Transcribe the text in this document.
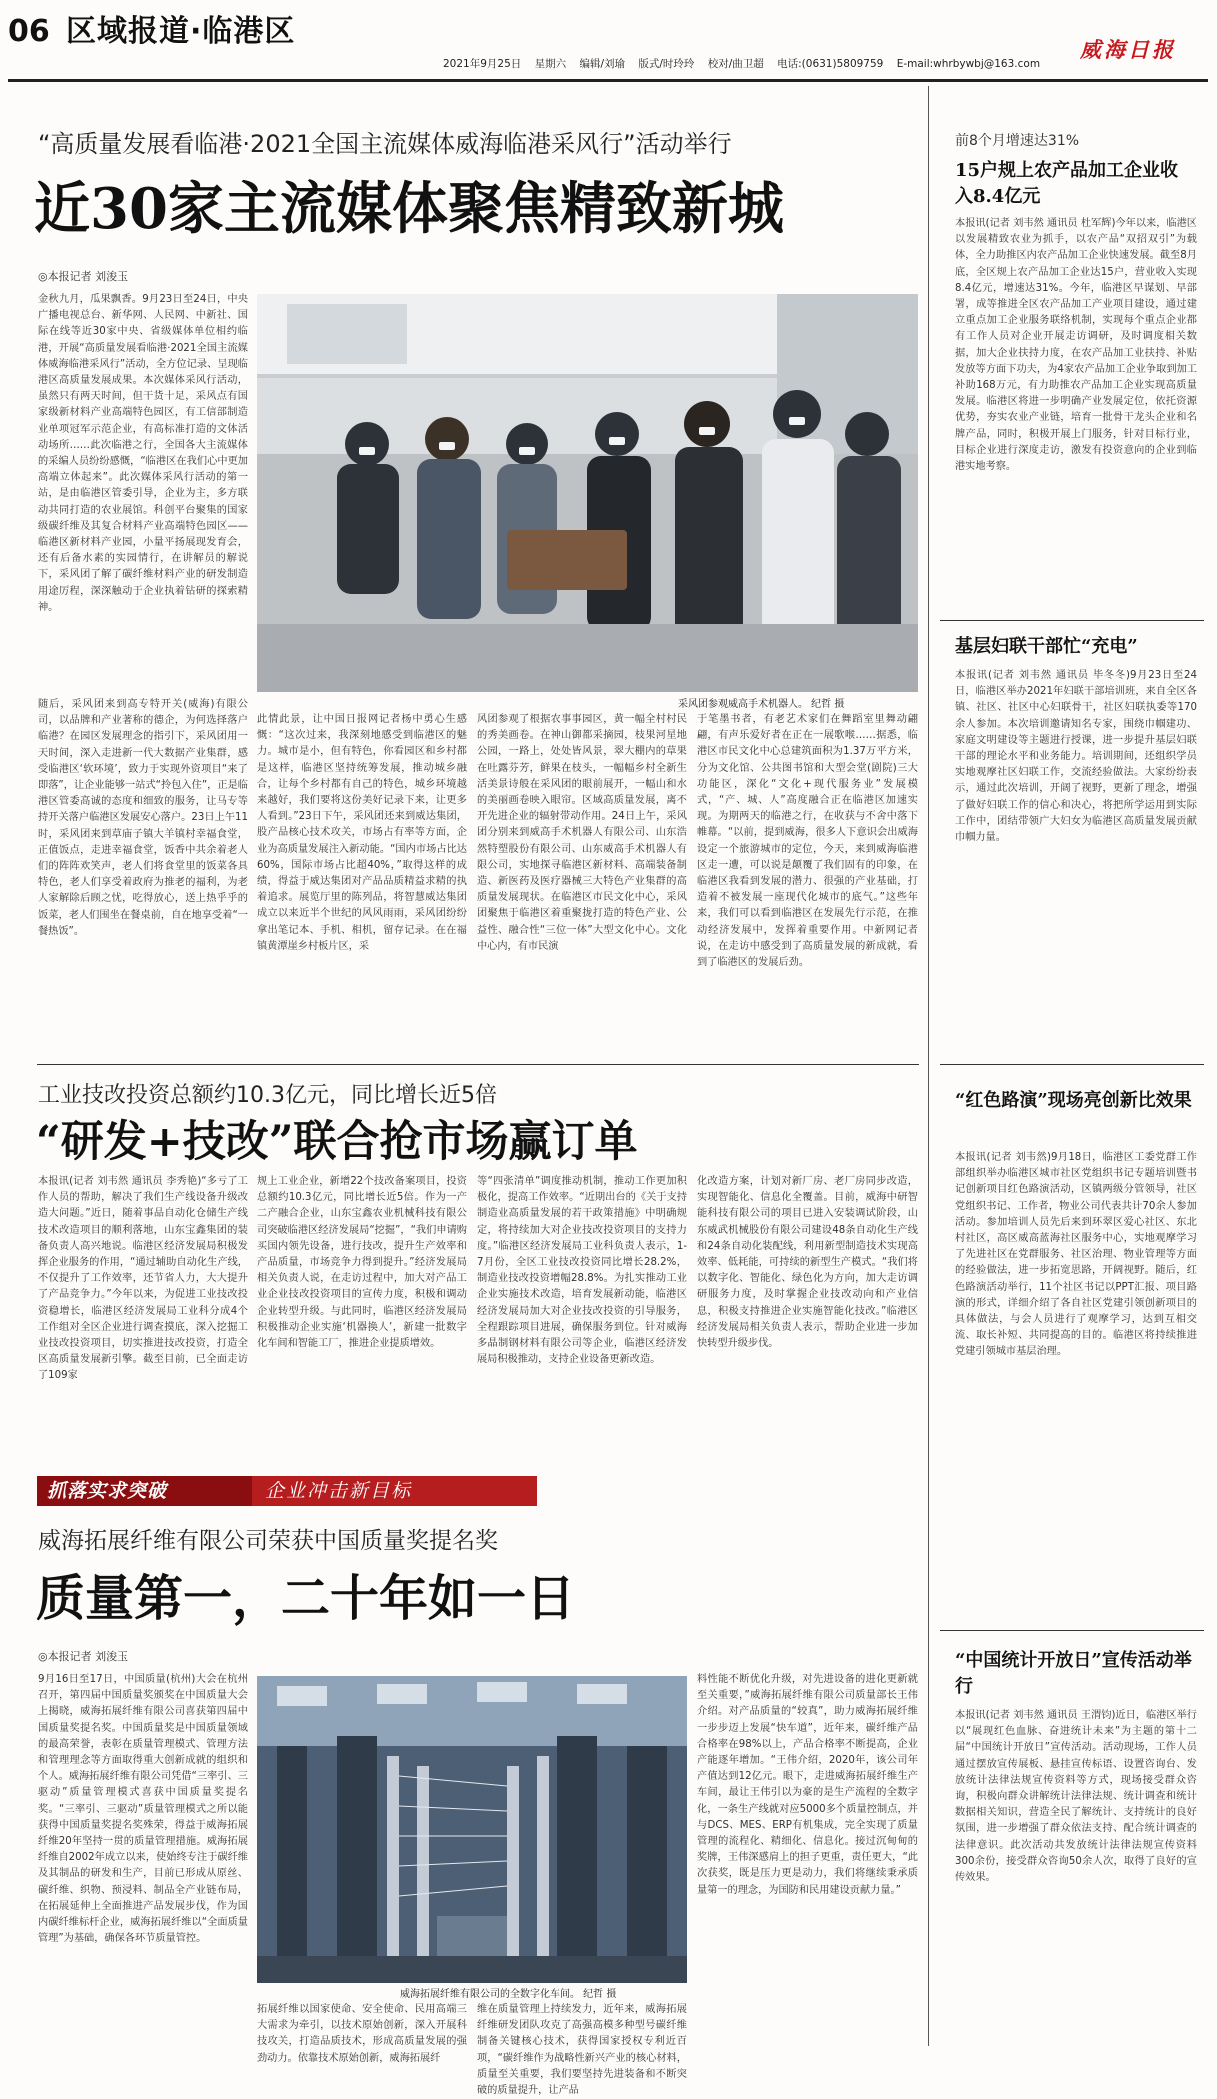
06 区域报道·临港区
2021年9月25日 星期六 编辑/刘瑜 版式/时玲玲 校对/曲卫超 电话:(0631)5809759 E-mail:whrbywbj@163.com
威海日报
“高质量发展看临港·2021全国主流媒体威海临港采风行”活动举行
近30家主流媒体聚焦精致新城
◎本报记者 刘浚玉
金秋九月，瓜果飘香。9月23日至24日，中央广播电视总台、新华网、人民网、中新社、国际在线等近30家中央、省级媒体单位相约临港，开展“高质量发展看临港·2021全国主流媒体威海临港采风行”活动，全方位记录、呈现临港区高质量发展成果。本次媒体采风行活动，虽然只有两天时间，但干货十足，采风点有国家级新材料产业高端特色园区，有工信部制造业单项冠军示范企业，有高标准打造的文体活动场所……此次临港之行，全国各大主流媒体的采编人员纷纷感慨，“临港区在我们心中更加高端立体起来”。此次媒体采风行活动的第一站，是由临港区管委引导，企业为主，多方联动共同打造的农业展馆。科创平台聚集的国家级碳纤维及其复合材料产业高端特色园区——临港区新材料产业园，小量平扬展现发育会，还有后备水素的实园情行，在讲解员的解说下，采风团了解了碳纤维材料产业的研发制造用途厉程，深深触动于企业执着钻研的探索精神。
采风团参观威高手术机器人。 纪哲 摄
随后，采风团来到高专特开关(威海)有限公司，以品牌和产业著称的德企，为何选择落户临港？在园区发展理念的指引下，采风团用一天时间，深入走进新一代大数据产业集群，感受临港区‘软环境’，致力于实现外资项目“来了即落”，让企业能够一站式“拎包入住”，正是临港区管委高诚的态度和细致的服务，让马专等持开关落户临港区发展安心落户。23日上午11时，采风团来到草庙子镇大羊镇村幸福食堂，正值饭点，走进幸福食堂，饭香中共余着老人们的阵阵欢笑声，老人们将食堂里的饭菜各具特色，老人们享受着政府为推老的福利，为老人家解除后顾之忧，吃得放心，送上热乎乎的饭菜，老人们围坐在餐桌前，自在地享受着“一餐热饭”。
此情此景，让中国日报网记者杨中勇心生感慨：“这次过来，我深刻地感受到临港区的魅力。城市是小，但有特色，你看园区和乡村都是这样，临港区坚持统筹发展，推动城乡融合，让每个乡村都有自己的特色，城乡环境越来越好，我们要将这份美好记录下来，让更多人看到。”23日下午，采风团还来到威达集团，股产品核心技术攻关，市场占有率等方面，企业为高质量发展注入新动能。“国内市场占比达60%，国际市场占比超40%，”取得这样的成绩，得益于威达集团对产品品质精益求精的执着追求。展览厅里的陈列品，将智慧威达集团成立以来近半个世纪的风风雨雨，采风团纷纷拿出笔记本、手机、相机，留存记录。在在福镇黄潭崖乡村板片区，采
风团参观了根据农事事园区，黄一幅全村村民的秀美画卷。在神山御都采摘园，枝果河星地公园，一路上，处处皆风景，翠大棚内的草果在吐露芬芳，鲜果在枝头，一幅幅乡村全新生活美景诗般在采风团的眼前展开，一幅山和水的美丽画卷映入眼帘。区域高质量发展，离不开先进企业的辐射带动作用。24日上午，采风团分别来到威高手术机器人有限公司、山东浩然特塑股份有限公司、山东威高手术机器人有限公司，实地探寻临港区新材料、高端装备制造、新医药及医疗器械三大特色产业集群的高质量发展现状。在临港区市民文化中心，采风团聚焦于临港区着重聚拢打造的特色产业、公益性、融合性“三位一体”大型文化中心。文化中心内，有市民演
于笔墨书者，有老艺术家们在舞蹈室里舞动翩翩，有声乐爱好者在正在一展歌喉……据悉，临港区市民文化中心总建筑面积为1.37万平方米，分为文化馆、公共图书馆和大型会堂(剧院)三大功能区，深化“文化+现代服务业”发展模式，“产、城、人”高度融合正在临港区加速实现。为期两天的临港之行，在收获与不舍中落下帷幕。“以前，提到威海，很多人下意识会出威海设定一个旅游城市的定位，今天，来到威海临港区走一遭，可以说是颠覆了我们固有的印象，在临港区我看到发展的潜力、很强的产业基础，打造着不被发展一座现代化城市的底气。”这些年来，我们可以看到临港区在发展先行示范，在推动经济发展中，发挥着重要作用。中新网记者说，在走访中感受到了高质量发展的新成就，看到了临港区的发展后劲。
工业技改投资总额约10.3亿元，同比增长近5倍
“研发+技改”联合抢市场赢订单
本报讯(记者 刘韦然 通讯员 李秀艳)“多亏了工作人员的帮助，解决了我们生产线设备升级改造大问题。”近日，随着事品自动化仓储生产线技术改造项目的顺利落地，山东宝鑫集团的装备负责人高兴地说。临港区经济发展局积极发挥企业服务的作用，“通过辅助自动化生产线，不仅提升了工作效率，还节省人力，大大提升了产品竞争力。”今年以来，为促进工业技改投资稳增长，临港区经济发展局工业科分成4个工作组对全区企业进行调查摸底，深入挖掘工业技改投资项目，切实推进技改投资，打造全区高质量发展新引擎。截至目前，已全面走访了109家
规上工业企业，新增22个技改备案项目，投资总额约10.3亿元，同比增长近5倍。作为一产二产融合企业，山东宝鑫农业机械科技有限公司突破临港区经济发展局“挖掘”，“我们申请购买国内领先设备，进行技改，提升生产效率和产品质量，市场竞争力得到提升。”经济发展局相关负责人说，在走访过程中，加大对产品工业企业技改投资项目的宣传力度，积极和调动企业转型升级。与此同时，临港区经济发展局积极推动企业实施‘机器换人’，新建一批数字化车间和智能工厂，推进企业提质增效。
等“四张清单”调度推动机制，推动工作更加积极化，提高工作效率。“近期出台的《关于支持制造业高质量发展的若干政策措施》中明确规定，将持续加大对企业技改投资项目的支持力度。”临港区经济发展局工业科负责人表示，1-7月份，全区工业技改投资同比增长28.2%，制造业技改投资增幅28.8%。为扎实推动工业企业实施技术改造，培育发展新动能，临港区经济发展局加大对企业技改投资的引导服务，全程跟踪项目进展，确保服务到位。针对威海多晶制钢材料有限公司等企业，临港区经济发展局积极推动，支持企业设备更新改造。
化改造方案，计划对新厂房、老厂房同步改造，实现智能化、信息化全覆盖。目前，威海中研智能科技有限公司的项目已进入安装调试阶段，山东威武机械股份有限公司建设48条自动化生产线和24条自动化装配线，利用新型制造技术实现高效率、低耗能，可持续的新型生产模式。“我们将以数字化、智能化、绿色化为方向，加大走访调研服务力度，及时掌握企业技改动向和产业信息，积极支持推进企业实施智能化技改。”临港区经济发展局相关负责人表示，帮助企业进一步加快转型升级步伐。
抓落实求突破	企业冲击新目标
威海拓展纤维有限公司荣获中国质量奖提名奖
质量第一，二十年如一日
◎本报记者 刘浚玉
9月16日至17日，中国质量(杭州)大会在杭州召开，第四届中国质量奖颁奖在中国质量大会上揭晓，威海拓展纤维有限公司喜获第四届中国质量奖提名奖。中国质量奖是中国质量领域的最高荣誉，表彰在质量管理模式、管理方法和管理理念等方面取得重大创新成就的组织和个人。威海拓展纤维有限公司凭借“三率引、三驱动”质量管理模式喜获中国质量奖提名奖。“三率引、三驱动”质量管理模式之所以能获得中国质量奖提名奖殊荣，得益于威海拓展纤维20年坚持一贯的质量管理措施。威海拓展纤维自2002年成立以来，使始终专注于碳纤维及其制品的研发和生产，目前已形成从原丝、碳纤维、织物、预浸料、制品全产业链布局，在拓展延伸上全面推进产品发展步伐，作为国内碳纤维标杆企业，威海拓展纤维以“全面质量管理”为基础，确保各环节质量管控。
威海拓展纤维有限公司的全数字化车间。 纪哲 摄
拓展纤维以国家使命、安全使命、民用高端三大需求为牵引，以技术原始创新，深入开展科技攻关，打造品质技术，形成高质量发展的强劲动力。依靠技术原始创新，威海拓展纤
维在质量管理上持续发力，近年来，威海拓展纤维研发团队攻克了高强高模多种型号碳纤维制备关键核心技术，获得国家授权专利近百项，“碳纤维作为战略性新兴产业的核心材料，质量至关重要，我们要坚持先进装备和不断突破的质量提升，让产品
料性能不断优化升级，对先进设备的进化更新就至关重要，”威海拓展纤维有限公司质量部长王伟介绍。对产品质量的“较真”，助力威海拓展纤维一步步迈上发展“快车道”，近年来，碳纤维产品合格率在98%以上，产品合格率不断提高，企业产能逐年增加。“王伟介绍，2020年，该公司年产值达到12亿元。眼下，走进威海拓展纤维生产车间，最让王伟引以为豪的是生产流程的全数字化，一条生产线就对应5000多个质量控制点，并与DCS、MES、ERP有机集成，完全实现了质量管理的流程化、精细化、信息化。接过沉甸甸的奖牌，王伟深感肩上的担子更重，责任更大，“此次获奖，既是压力更是动力，我们将继续秉承质量第一的理念，为国防和民用建设贡献力量。”
前8个月增速达31%
15户规上农产品加工企业收入8.4亿元
本报讯(记者 刘韦然 通讯员 杜军辉)今年以来，临港区以发展精致农业为抓手，以农产品“双招双引”为载体，全力助推区内农产品加工企业快速发展。截至8月底，全区规上农产品加工企业达15户，营业收入实现8.4亿元，增速达31%。今年，临港区早谋划、早部署，成等推进全区农产品加工产业项目建设，通过建立重点加工企业服务联络机制，实现每个重点企业都有工作人员对企业开展走访调研，及时调度相关数据，加大企业扶持力度，在农产品加工业扶持、补贴发放等方面下功夫，为4家农产品加工企业争取到加工补助168万元，有力助推农产品加工企业实现高质量发展。临港区将进一步明确产业发展定位，依托资源优势，夯实农业产业链，培育一批骨干龙头企业和名牌产品，同时，积极开展上门服务，针对目标行业，目标企业进行深度走访，激发有投资意向的企业到临港实地考察。
基层妇联干部忙“充电”
本报讯(记者 刘韦然 通讯员 毕冬冬)9月23日至24日，临港区举办2021年妇联干部培训班，来自全区各镇、社区、社区中心妇联骨干，社区妇联执委等170余人参加。本次培训邀请知名专家，围绕巾帼建功、家庭文明建设等主题进行授课，进一步提升基层妇联干部的理论水平和业务能力。培训期间，还组织学员实地观摩社区妇联工作，交流经验做法。大家纷纷表示，通过此次培训，开阔了视野，更新了理念，增强了做好妇联工作的信心和决心，将把所学运用到实际工作中，团结带领广大妇女为临港区高质量发展贡献巾帼力量。
“红色路演”现场亮创新比效果
本报讯(记者 刘韦然)9月18日，临港区工委党群工作部组织举办临港区城市社区党组织书记专题培训暨书记创新项目红色路演活动，区镇两级分管领导，社区党组织书记、工作者，物业公司代表共计70余人参加活动。参加培训人员先后来到环翠区爱心社区、东北村社区，高区威高蓝海社区服务中心，实地观摩学习了先进社区在党群服务、社区治理、物业管理等方面的经验做法，进一步拓宽思路，开阔视野。随后，红色路演活动举行，11个社区书记以PPT汇报、项目路演的形式，详细介绍了各自社区党建引领创新项目的具体做法，与会人员进行了观摩学习，达到互相交流、取长补短、共同提高的目的。临港区将持续推进党建引领城市基层治理。
“中国统计开放日”宣传活动举行
本报讯(记者 刘韦然 通讯员 王渭钧)近日，临港区举行以“展现红色血脉、奋进统计未来”为主题的第十二届“中国统计开放日”宣传活动。活动现场，工作人员通过摆放宣传展板、悬挂宣传标语、设置咨询台、发放统计法律法规宣传资料等方式，现场接受群众咨询，积极向群众讲解统计法律法规、统计调查和统计数据相关知识，营造全民了解统计、支持统计的良好氛围，进一步增强了群众依法支持、配合统计调查的法律意识。此次活动共发放统计法律法规宣传资料300余份，接受群众咨询50余人次，取得了良好的宣传效果。
